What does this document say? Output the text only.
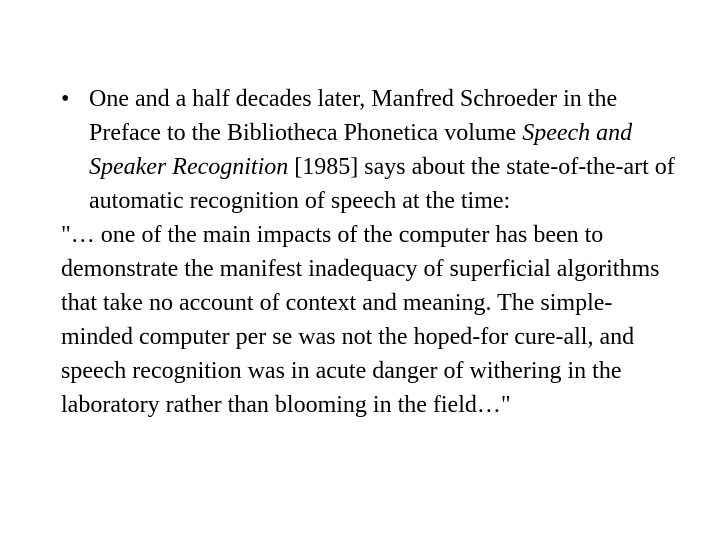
• One and a half decades later, Manfred Schroeder in the Preface to the Bibliotheca Phonetica volume Speech and Speaker Recognition [1985] says about the state-of-the-art of automatic recognition of speech at the time:

"… one of the main impacts of the computer has been to demonstrate the manifest inadequacy of superficial algorithms that take no account of context and meaning. The simple-minded computer per se was not the hoped-for cure-all, and speech recognition was in acute danger of withering in the laboratory rather than blooming in the field…"
